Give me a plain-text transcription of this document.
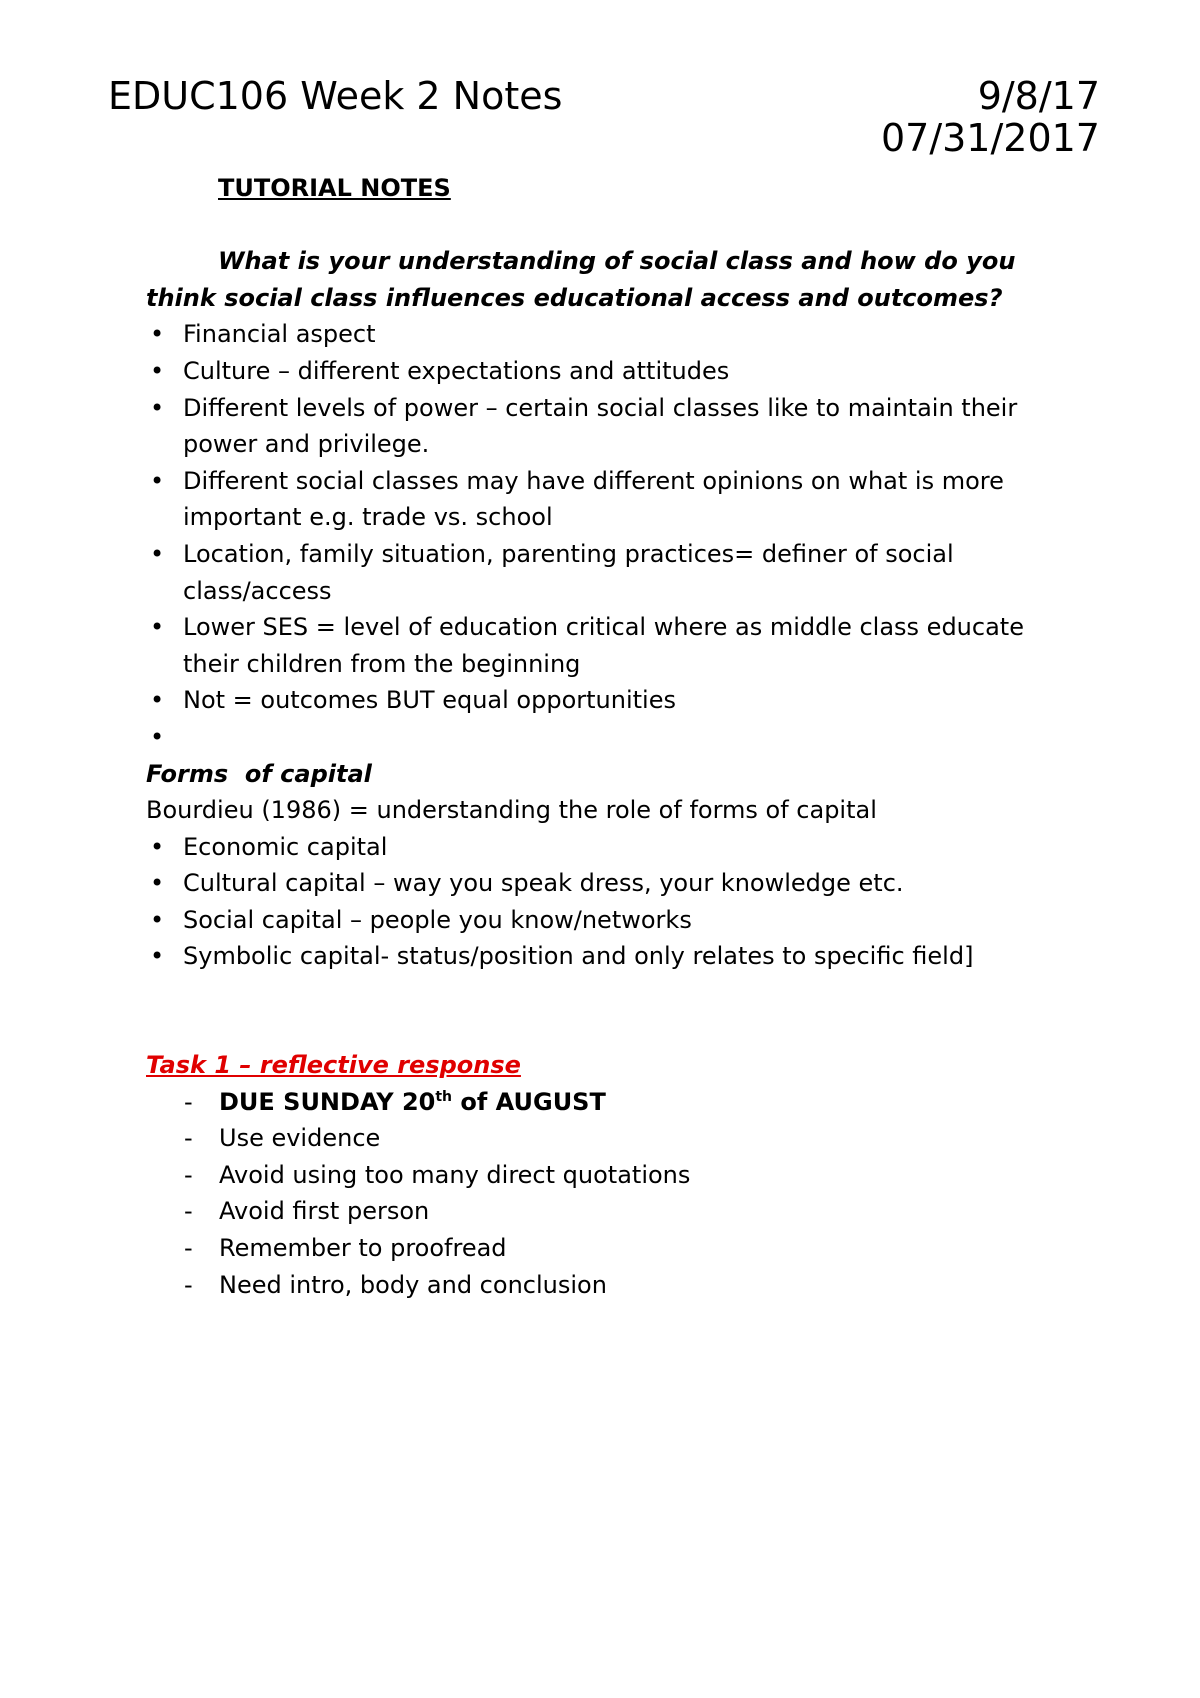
EDUC106 Week 2 Notes	9/8/17
07/31/2017
TUTORIAL NOTES
What is your understanding of social class and how do you
think social class influences educational access and outcomes?
• Financial aspect
• Culture – different expectations and attitudes
• Different levels of power – certain social classes like to maintain their power and privilege.
• Different social classes may have different opinions on what is more important e.g. trade vs. school
• Location, family situation, parenting practices= definer of social class/access
• Lower SES = level of education critical where as middle class educate their children from the beginning
• Not = outcomes BUT equal opportunities
•
Forms  of capital
Bourdieu (1986) = understanding the role of forms of capital
• Economic capital
• Cultural capital – way you speak dress, your knowledge etc.
• Social capital – people you know/networks
• Symbolic capital- status/position and only relates to specific field]
Task 1 – reflective response
- DUE SUNDAY 20th of AUGUST
- Use evidence
- Avoid using too many direct quotations
- Avoid first person
- Remember to proofread
- Need intro, body and conclusion
